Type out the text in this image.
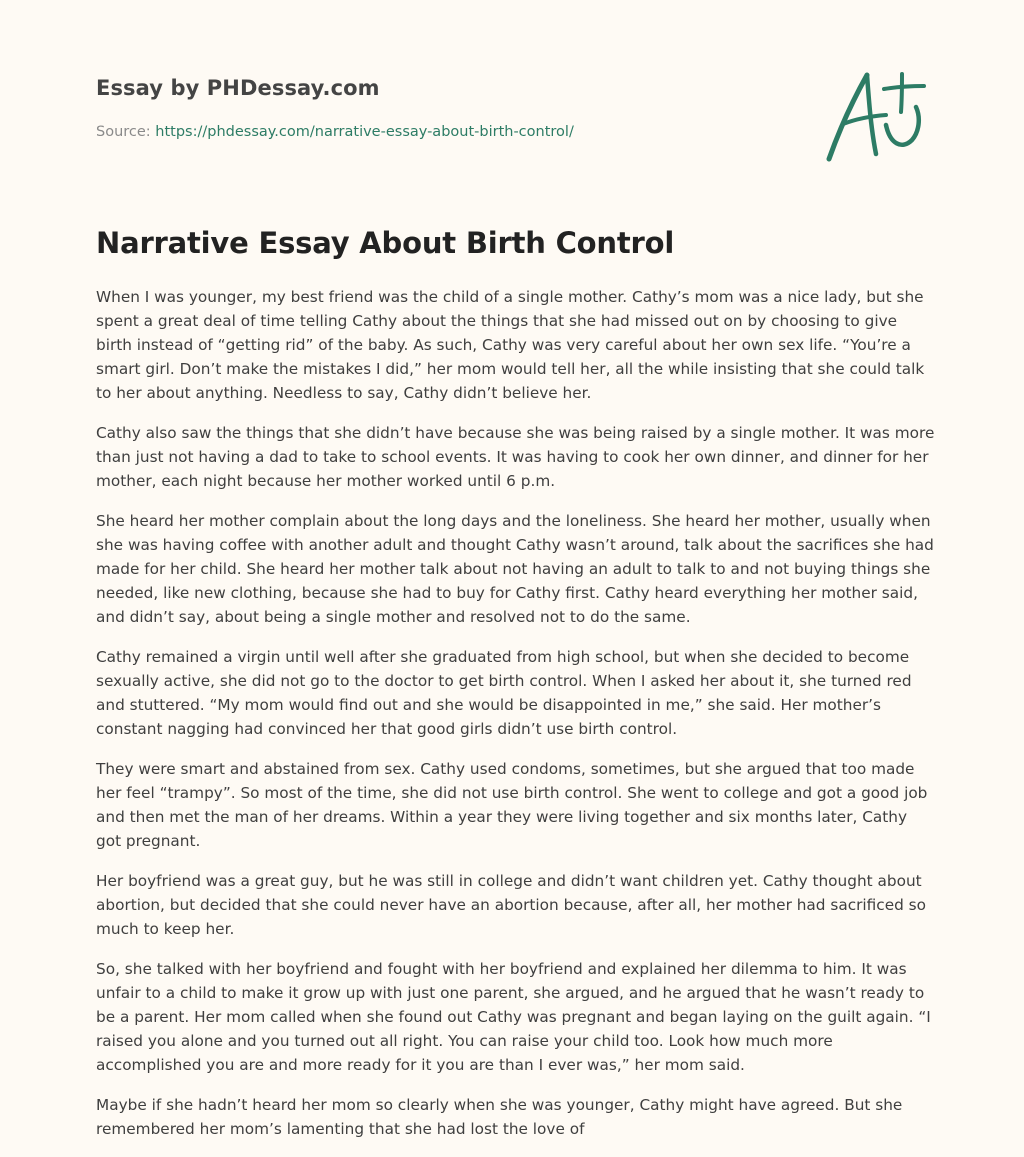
Essay by PHDessay.com
Source: https://phdessay.com/narrative-essay-about-birth-control/
Narrative Essay About Birth Control

When I was younger, my best friend was the child of a single mother. Cathy’s mom was a nice lady, but she spent a great deal of time telling Cathy about the things that she had missed out on by choosing to give birth instead of “getting rid” of the baby. As such, Cathy was very careful about her own sex life. “You’re a smart girl. Don’t make the mistakes I did,” her mom would tell her, all the while insisting that she could talk to her about anything. Needless to say, Cathy didn’t believe her.

Cathy also saw the things that she didn’t have because she was being raised by a single mother. It was more than just not having a dad to take to school events. It was having to cook her own dinner, and dinner for her mother, each night because her mother worked until 6 p.m.

She heard her mother complain about the long days and the loneliness. She heard her mother, usually when she was having coffee with another adult and thought Cathy wasn’t around, talk about the sacrifices she had made for her child. She heard her mother talk about not having an adult to talk to and not buying things she needed, like new clothing, because she had to buy for Cathy first. Cathy heard everything her mother said, and didn’t say, about being a single mother and resolved not to do the same.

Cathy remained a virgin until well after she graduated from high school, but when she decided to become sexually active, she did not go to the doctor to get birth control. When I asked her about it, she turned red and stuttered. “My mom would find out and she would be disappointed in me,” she said. Her mother’s constant nagging had convinced her that good girls didn’t use birth control.

They were smart and abstained from sex. Cathy used condoms, sometimes, but she argued that too made her feel “trampy”. So most of the time, she did not use birth control. She went to college and got a good job and then met the man of her dreams. Within a year they were living together and six months later, Cathy got pregnant.

Her boyfriend was a great guy, but he was still in college and didn’t want children yet. Cathy thought about abortion, but decided that she could never have an abortion because, after all, her mother had sacrificed so much to keep her.

So, she talked with her boyfriend and fought with her boyfriend and explained her dilemma to him. It was unfair to a child to make it grow up with just one parent, she argued, and he argued that he wasn’t ready to be a parent. Her mom called when she found out Cathy was pregnant and began laying on the guilt again. “I raised you alone and you turned out all right. You can raise your child too. Look how much more accomplished you are and more ready for it you are than I ever was,” her mom said.

Maybe if she hadn’t heard her mom so clearly when she was younger, Cathy might have agreed. But she remembered her mom’s lamenting that she had lost the love of
